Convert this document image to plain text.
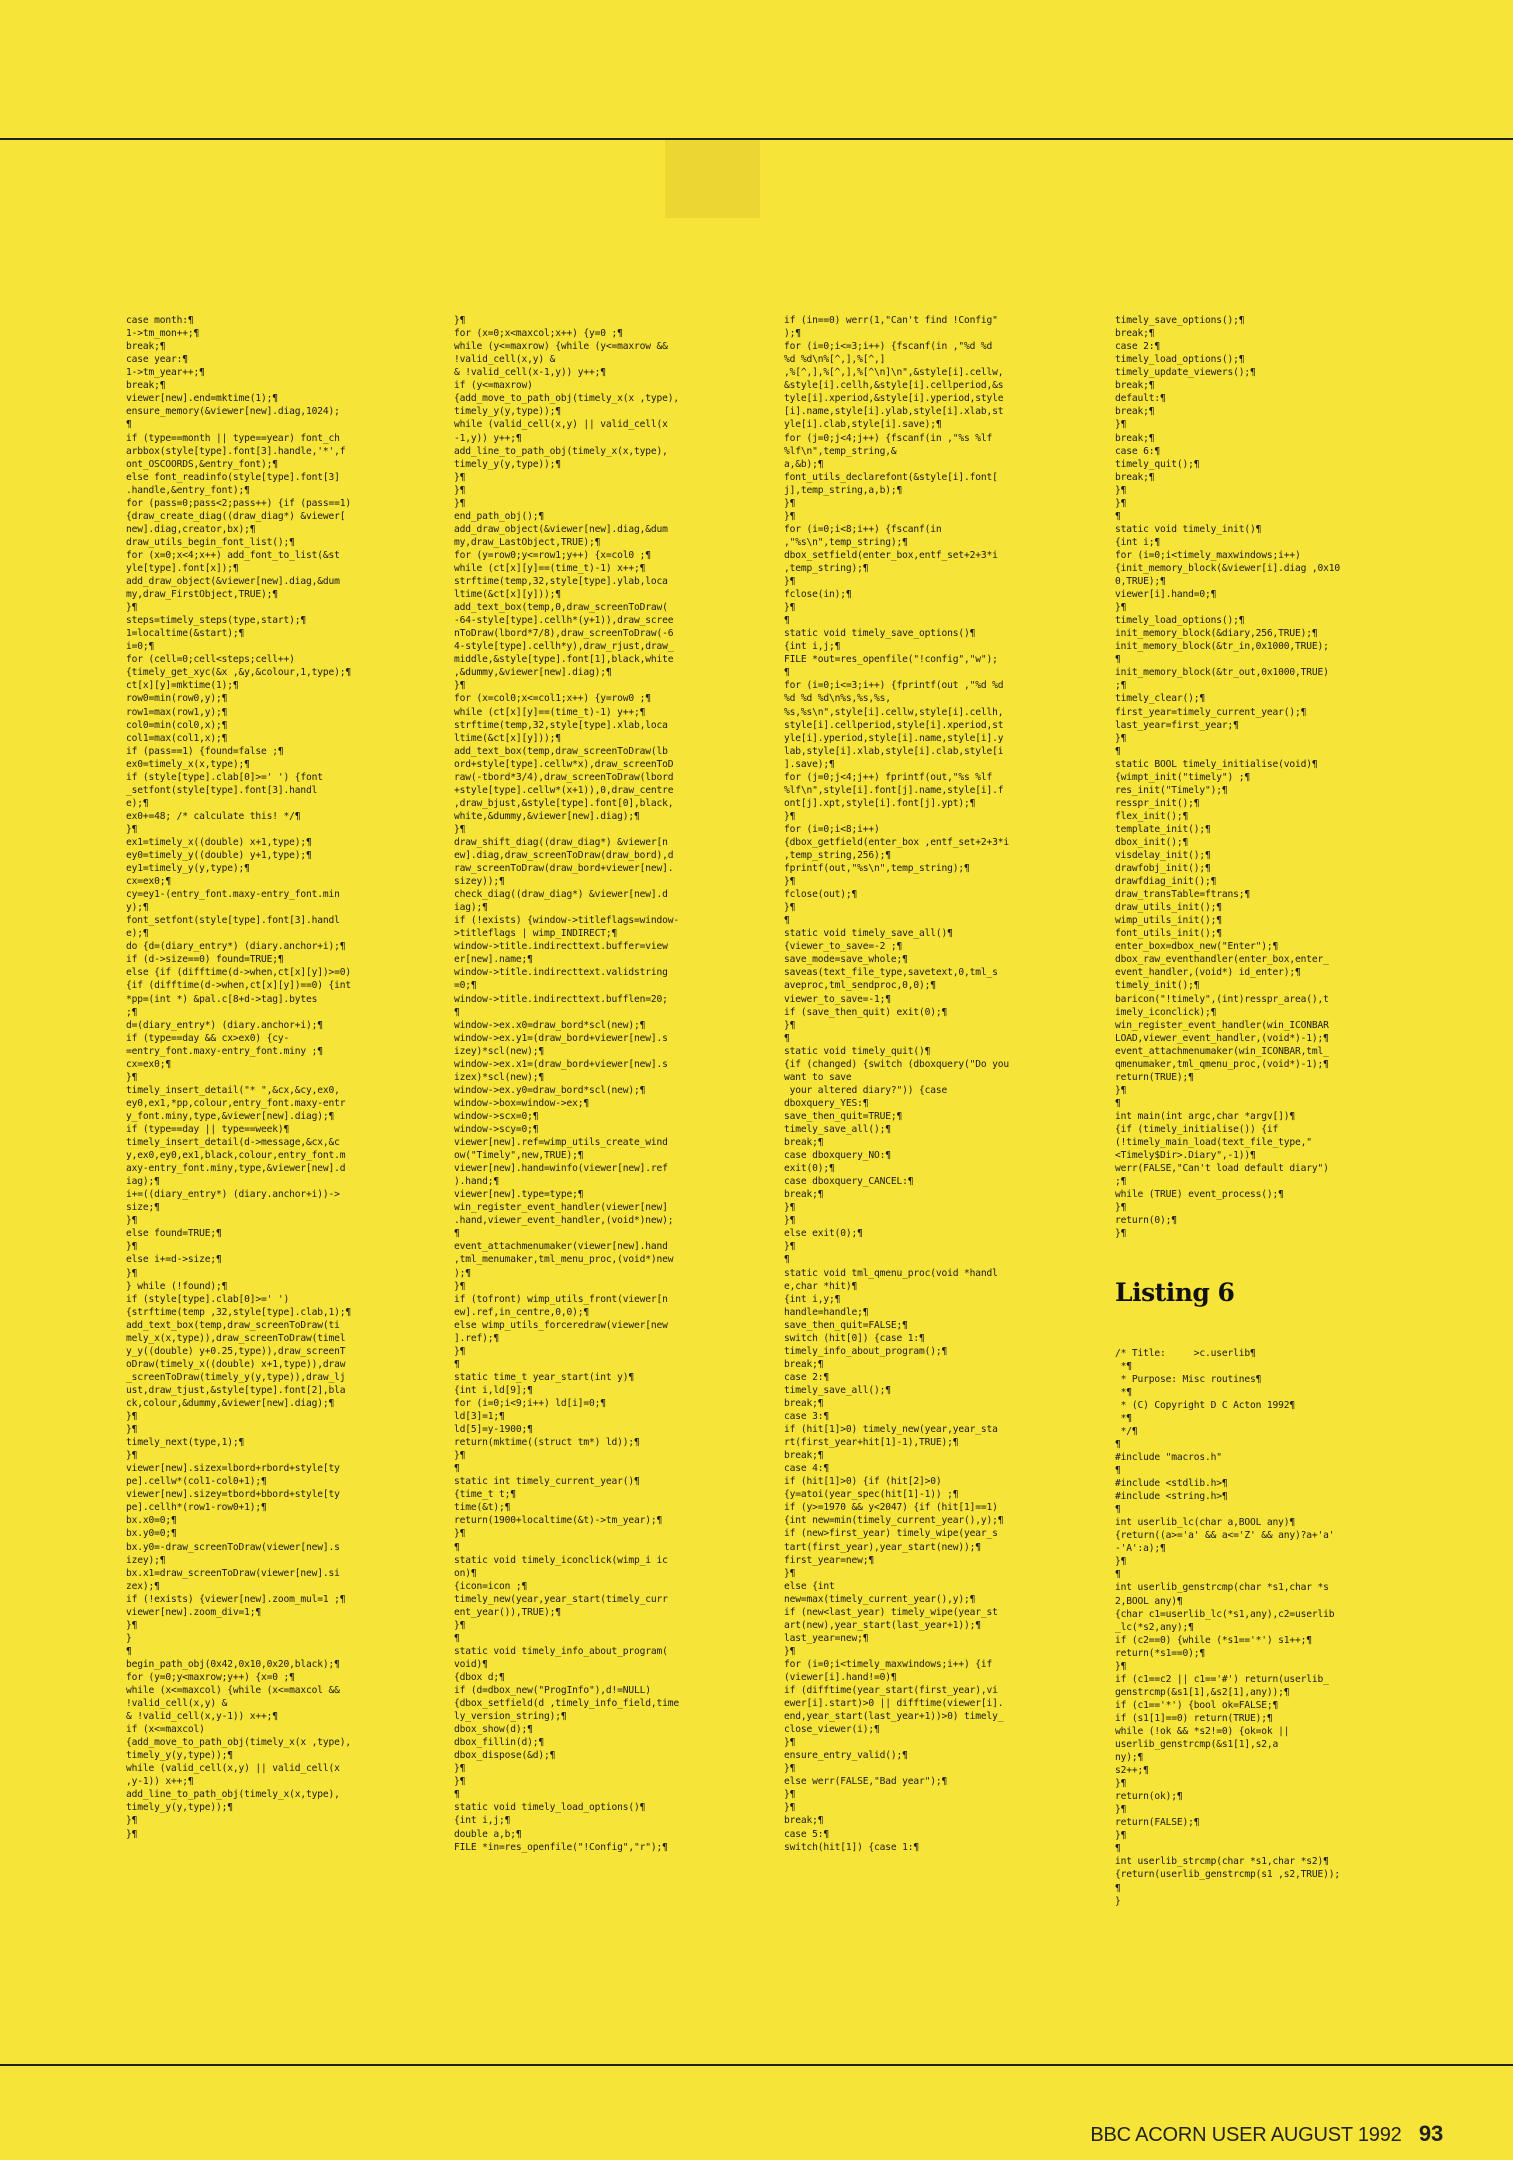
case month:¶
1->tm_mon++;¶
break;¶
case year:¶
1->tm_year++;¶
break;¶
viewer[new].end=mktime(1);¶
ensure_memory(&viewer[new].diag,1024);
¶
if (type==month || type==year) font_ch
arbbox(style[type].font[3].handle,'*',f
ont_OSCOORDS,&entry_font);¶
else font_readinfo(style[type].font[3]
.handle,&entry_font);¶
for (pass=0;pass<2;pass++) {if (pass==1)
{draw_create_diag((draw_diag*) &viewer[
new].diag,creator,bx);¶
draw_utils_begin_font_list();¶
for (x=0;x<4;x++) add_font_to_list(&st
yle[type].font[x]);¶
add_draw_object(&viewer[new].diag,&dum
my,draw_FirstObject,TRUE);¶
}¶
steps=timely_steps(type,start);¶
1=localtime(&start);¶
i=0;¶
for (cell=0;cell<steps;cell++)
{timely_get_xyc(&x ,&y,&colour,1,type);¶
ct[x][y]=mktime(1);¶
row0=min(row0,y);¶
row1=max(row1,y);¶
col0=min(col0,x);¶
col1=max(col1,x);¶
if (pass==1) {found=false ;¶
ex0=timely_x(x,type);¶
if (style[type].clab[0]>=' ') {font
_setfont(style[type].font[3].handl
e);¶
ex0+=48; /* calculate this! */¶
}¶
ex1=timely_x((double) x+1,type);¶
ey0=timely_y((double) y+1,type);¶
ey1=timely_y(y,type);¶
cx=ex0;¶
cy=ey1-(entry_font.maxy-entry_font.min
y);¶
font_setfont(style[type].font[3].handl
e);¶
do {d=(diary_entry*) (diary.anchor+i);¶
if (d->size==0) found=TRUE;¶
else {if (difftime(d->when,ct[x][y])>=0)
{if (difftime(d->when,ct[x][y])==0) {int
*pp=(int *) &pal.c[8+d->tag].bytes
;¶
d=(diary_entry*) (diary.anchor+i);¶
if (type==day && cx>ex0) {cy-
=entry_font.maxy-entry_font.miny ;¶
cx=ex0;¶
}¶
timely_insert_detail("* ",&cx,&cy,ex0,
ey0,ex1,*pp,colour,entry_font.maxy-entr
y_font.miny,type,&viewer[new].diag);¶
if (type==day || type==week)¶
timely_insert_detail(d->message,&cx,&c
y,ex0,ey0,ex1,black,colour,entry_font.m
axy-entry_font.miny,type,&viewer[new].d
iag);¶
i+=((diary_entry*) (diary.anchor+i))->
size;¶
}¶
else found=TRUE;¶
}¶
else i+=d->size;¶
}¶
} while (!found);¶
if (style[type].clab[0]>=' ')
{strftime(temp ,32,style[type].clab,1);¶
add_text_box(temp,draw_screenToDraw(ti
mely_x(x,type)),draw_screenToDraw(timel
y_y((double) y+0.25,type)),draw_screenT
oDraw(timely_x((double) x+1,type)),draw
_screenToDraw(timely_y(y,type)),draw_lj
ust,draw_tjust,&style[type].font[2],bla
ck,colour,&dummy,&viewer[new].diag);¶
}¶
}¶
timely_next(type,1);¶
}¶
viewer[new].sizex=lbord+rbord+style[ty
pe].cellw*(col1-col0+1);¶
viewer[new].sizey=tbord+bbord+style[ty
pe].cellh*(row1-row0+1);¶
bx.x0=0;¶
bx.y0=0;¶
bx.y0=-draw_screenToDraw(viewer[new].s
izey);¶
bx.x1=draw_screenToDraw(viewer[new].si
zex);¶
if (!exists) {viewer[new].zoom_mul=1 ;¶
viewer[new].zoom_div=1;¶
}¶
}
¶
begin_path_obj(0x42,0x10,0x20,black);¶
for (y=0;y<maxrow;y++) {x=0 ;¶
while (x<=maxcol) {while (x<=maxcol &&
!valid_cell(x,y) &
& !valid_cell(x,y-1)) x++;¶
if (x<=maxcol)
{add_move_to_path_obj(timely_x(x ,type),
timely_y(y,type));¶
while (valid_cell(x,y) || valid_cell(x
,y-1)) x++;¶
add_line_to_path_obj(timely_x(x,type),
timely_y(y,type));¶
}¶
}¶

}¶
for (x=0;x<maxcol;x++) {y=0 ;¶
while (y<=maxrow) {while (y<=maxrow &&
!valid_cell(x,y) &
& !valid_cell(x-1,y)) y++;¶
if (y<=maxrow)
{add_move_to_path_obj(timely_x(x ,type),
timely_y(y,type));¶
while (valid_cell(x,y) || valid_cell(x
-1,y)) y++;¶
add_line_to_path_obj(timely_x(x,type),
timely_y(y,type));¶
}¶
}¶
}¶
end_path_obj();¶
add_draw_object(&viewer[new].diag,&dum
my,draw_LastObject,TRUE);¶
for (y=row0;y<=row1;y++) {x=col0 ;¶
while (ct[x][y]==(time_t)-1) x++;¶
strftime(temp,32,style[type].ylab,loca
ltime(&ct[x][y]));¶
add_text_box(temp,0,draw_screenToDraw(
-64-style[type].cellh*(y+1)),draw_scree
nToDraw(lbord*7/8),draw_screenToDraw(-6
4-style[type].cellh*y),draw_rjust,draw_
middle,&style[type].font[1],black,white
,&dummy,&viewer[new].diag);¶
}¶
for (x=col0;x<=col1;x++) {y=row0 ;¶
while (ct[x][y]==(time_t)-1) y++;¶
strftime(temp,32,style[type].xlab,loca
ltime(&ct[x][y]));¶
add_text_box(temp,draw_screenToDraw(lb
ord+style[type].cellw*x),draw_screenToD
raw(-tbord*3/4),draw_screenToDraw(lbord
+style[type].cellw*(x+1)),0,draw_centre
,draw_bjust,&style[type].font[0],black,
white,&dummy,&viewer[new].diag);¶
}¶
draw_shift_diag((draw_diag*) &viewer[n
ew].diag,draw_screenToDraw(draw_bord),d
raw_screenToDraw(draw_bord+viewer[new].
sizey));¶
check_diag((draw_diag*) &viewer[new].d
iag);¶
if (!exists) {window->titleflags=window-
>titleflags | wimp_INDIRECT;¶
window->title.indirecttext.buffer=view
er[new].name;¶
window->title.indirecttext.validstring
=0;¶
window->title.indirecttext.bufflen=20;
¶
window->ex.x0=draw_bord*scl(new);¶
window->ex.y1=(draw_bord+viewer[new].s
izey)*scl(new);¶
window->ex.x1=(draw_bord+viewer[new].s
izex)*scl(new);¶
window->ex.y0=draw_bord*scl(new);¶
window->box=window->ex;¶
window->scx=0;¶
window->scy=0;¶
viewer[new].ref=wimp_utils_create_wind
ow("Timely",new,TRUE);¶
viewer[new].hand=winfo(viewer[new].ref
).hand;¶
viewer[new].type=type;¶
win_register_event_handler(viewer[new]
.hand,viewer_event_handler,(void*)new);
¶
event_attachmenumaker(viewer[new].hand
,tml_menumaker,tml_menu_proc,(void*)new
);¶
}¶
if (tofront) wimp_utils_front(viewer[n
ew].ref,in_centre,0,0);¶
else wimp_utils_forceredraw(viewer[new
].ref);¶
}¶
¶
static time_t year_start(int y)¶
{int i,ld[9];¶
for (i=0;i<9;i++) ld[i]=0;¶
ld[3]=1;¶
ld[5]=y-1900;¶
return(mktime((struct tm*) ld));¶
}¶
¶
static int timely_current_year()¶
{time_t t;¶
time(&t);¶
return(1900+localtime(&t)->tm_year);¶
}¶
¶
static void timely_iconclick(wimp_i ic
on)¶
{icon=icon ;¶
timely_new(year,year_start(timely_curr
ent_year()),TRUE);¶
}¶
¶
static void timely_info_about_program(
void)¶
{dbox d;¶
if (d=dbox_new("ProgInfo"),d!=NULL)
{dbox_setfield(d ,timely_info_field,time
ly_version_string);¶
dbox_show(d);¶
dbox_fillin(d);¶
dbox_dispose(&d);¶
}¶
}¶
¶
static void timely_load_options()¶
{int i,j;¶
double a,b;¶
FILE *in=res_openfile("!Config","r");¶

if (in==0) werr(1,"Can't find !Config"
);¶
for (i=0;i<=3;i++) {fscanf(in ,"%d %d
%d %d\n%[^,],%[^,]
,%[^,],%[^,],%[^\n]\n",&style[i].cellw,
&style[i].cellh,&style[i].cellperiod,&s
tyle[i].xperiod,&style[i].yperiod,style
[i].name,style[i].ylab,style[i].xlab,st
yle[i].clab,style[i].save);¶
for (j=0;j<4;j++) {fscanf(in ,"%s %lf
%lf\n",temp_string,&
a,&b);¶
font_utils_declarefont(&style[i].font[
j],temp_string,a,b);¶
}¶
}¶
for (i=0;i<8;i++) {fscanf(in
,"%s\n",temp_string);¶
dbox_setfield(enter_box,entf_set+2+3*i
,temp_string);¶
}¶
fclose(in);¶
}¶
¶
static void timely_save_options()¶
{int i,j;¶
FILE *out=res_openfile("!config","w");
¶
for (i=0;i<=3;i++) {fprintf(out ,"%d %d
%d %d %d\n%s,%s,%s,
%s,%s\n",style[i].cellw,style[i].cellh,
style[i].cellperiod,style[i].xperiod,st
yle[i].yperiod,style[i].name,style[i].y
lab,style[i].xlab,style[i].clab,style[i
].save);¶
for (j=0;j<4;j++) fprintf(out,"%s %lf
%lf\n",style[i].font[j].name,style[i].f
ont[j].xpt,style[i].font[j].ypt);¶
}¶
for (i=0;i<8;i++)
{dbox_getfield(enter_box ,entf_set+2+3*i
,temp_string,256);¶
fprintf(out,"%s\n",temp_string);¶
}¶
fclose(out);¶
}¶
¶
static void timely_save_all()¶
{viewer_to_save=-2 ;¶
save_mode=save_whole;¶
saveas(text_file_type,savetext,0,tml_s
aveproc,tml_sendproc,0,0);¶
viewer_to_save=-1;¶
if (save_then_quit) exit(0);¶
}¶
¶
static void timely_quit()¶
{if (changed) {switch (dboxquery("Do you
want to save
your altered diary?")) {case
dboxquery_YES:¶
save_then_quit=TRUE;¶
timely_save_all();¶
break;¶
case dboxquery_NO:¶
exit(0);¶
case dboxquery_CANCEL:¶
break;¶
}¶
}¶
else exit(0);¶
}¶
¶
static void tml_qmenu_proc(void *handl
e,char *hit)¶
{int i,y;¶
handle=handle;¶
save_then_quit=FALSE;¶
switch (hit[0]) {case 1:¶
timely_info_about_program();¶
break;¶
case 2:¶
timely_save_all();¶
break;¶
case 3:¶
if (hit[1]>0) timely_new(year,year_sta
rt(first_year+hit[1]-1),TRUE);¶
break;¶
case 4:¶
if (hit[1]>0) {if (hit[2]>0)
{y=atoi(year_spec(hit[1]-1)) ;¶
if (y>=1970 && y<2047) {if (hit[1]==1)
{int new=min(timely_current_year(),y);¶
if (new>first_year) timely_wipe(year_s
tart(first_year),year_start(new));¶
first_year=new;¶
}¶
else {int
new=max(timely_current_year(),y);¶
if (new<last_year) timely_wipe(year_st
art(new),year_start(last_year+1));¶
last_year=new;¶
}¶
for (i=0;i<timely_maxwindows;i++) {if
(viewer[i].hand!=0)¶
if (difftime(year_start(first_year),vi
ewer[i].start)>0 || difftime(viewer[i].
end,year_start(last_year+1))>0) timely_
close_viewer(i);¶
}¶
ensure_entry_valid();¶
}¶
else werr(FALSE,"Bad year");¶
}¶
}¶
break;¶
case 5:¶
switch(hit[1]) {case 1:¶

timely_save_options();¶
break;¶
case 2:¶
timely_load_options();¶
timely_update_viewers();¶
break;¶
default:¶
break;¶
}¶
break;¶
case 6:¶
timely_quit();¶
break;¶
}¶
}¶
¶
static void timely_init()¶
{int i;¶
for (i=0;i<timely_maxwindows;i++)
{init_memory_block(&viewer[i].diag ,0x10
0,TRUE);¶
viewer[i].hand=0;¶
}¶
timely_load_options();¶
init_memory_block(&diary,256,TRUE);¶
init_memory_block(&tr_in,0x1000,TRUE);
¶
init_memory_block(&tr_out,0x1000,TRUE)
;¶
timely_clear();¶
first_year=timely_current_year();¶
last_year=first_year;¶
}¶
¶
static BOOL timely_initialise(void)¶
{wimpt_init("timely") ;¶
res_init("Timely");¶
resspr_init();¶
flex_init();¶
template_init();¶
dbox_init();¶
visdelay_init();¶
drawfobj_init();¶
drawfdiag_init();¶
draw_transTable=ftrans;¶
draw_utils_init();¶
wimp_utils_init();¶
font_utils_init();¶
enter_box=dbox_new("Enter");¶
dbox_raw_eventhandler(enter_box,enter_
event_handler,(void*) id_enter);¶
timely_init();¶
baricon("!timely",(int)resspr_area(),t
imely_iconclick);¶
win_register_event_handler(win_ICONBAR
LOAD,viewer_event_handler,(void*)-1);¶
event_attachmenumaker(win_ICONBAR,tml_
qmenumaker,tml_qmenu_proc,(void*)-1);¶
return(TRUE);¶
}¶
¶
int main(int argc,char *argv[])¶
{if (timely_initialise()) {if
(!timely_main_load(text_file_type,"
<Timely$Dir>.Diary",-1))¶
werr(FALSE,"Can't load default diary")
;¶
while (TRUE) event_process();¶
}¶
return(0);¶
}¶

Listing 6

/* Title:     >c.userlib¶
*¶
* Purpose: Misc routines¶
*¶
* (C) Copyright D C Acton 1992¶
*¶
*/¶
¶
#include "macros.h"
¶
#include <stdlib.h>¶
#include <string.h>¶
¶
int userlib_lc(char a,BOOL any)¶
{return((a>='a' && a<='Z' && any)?a+'a'
-'A':a);¶
}¶
¶
int userlib_genstrcmp(char *s1,char *s
2,BOOL any)¶
{char c1=userlib_lc(*s1,any),c2=userlib
_lc(*s2,any);¶
if (c2==0) {while (*s1=='*') s1++;¶
return(*s1==0);¶
}¶
if (c1==c2 || c1=='#') return(userlib_
genstrcmp(&s1[1],&s2[1],any));¶
if (c1=='*') {bool ok=FALSE;¶
if (s1[1]==0) return(TRUE);¶
while (!ok && *s2!=0) {ok=ok ||
userlib_genstrcmp(&s1[1],s2,a
ny);¶
s2++;¶
}¶
return(ok);¶
}¶
return(FALSE);¶
}¶
¶
int userlib_strcmp(char *s1,char *s2)¶
{return(userlib_genstrcmp(s1 ,s2,TRUE));
¶
}

BBC ACORN USER AUGUST 1992 93
